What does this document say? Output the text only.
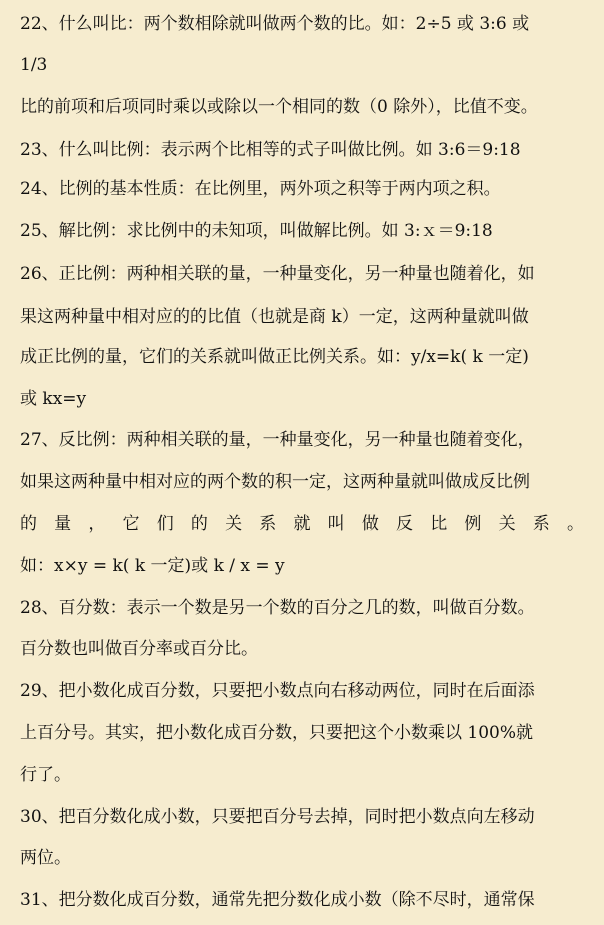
22、什么叫比：两个数相除就叫做两个数的比。如：2÷5 或 3:6 或
1/3
比的前项和后项同时乘以或除以一个相同的数（0 除外），比值不变。
23、什么叫比例：表示两个比相等的式子叫做比例。如 3:6＝9:18
24、比例的基本性质：在比例里，两外项之积等于两内项之积。
25、解比例：求比例中的未知项，叫做解比例。如 3:ｘ＝9:18
26、正比例：两种相关联的量，一种量变化，另一种量也随着化，如
果这两种量中相对应的的比值（也就是商 k）一定，这两种量就叫做
成正比例的量，它们的关系就叫做正比例关系。如：y/x=k( k 一定)
或 kx=y
27、反比例：两种相关联的量，一种量变化，另一种量也随着变化，
如果这两种量中相对应的两个数的积一定，这两种量就叫做成反比例
的 量 ， 它 们 的 关 系 就 叫 做 反 比 例 关 系 。
如：x×y = k( k 一定)或 k / x = y
28、百分数：表示一个数是另一个数的百分之几的数，叫做百分数。
百分数也叫做百分率或百分比。
29、把小数化成百分数，只要把小数点向右移动两位，同时在后面添
上百分号。其实，把小数化成百分数，只要把这个小数乘以 100%就
行了。
30、把百分数化成小数，只要把百分号去掉，同时把小数点向左移动
两位。
31、把分数化成百分数，通常先把分数化成小数（除不尽时，通常保
